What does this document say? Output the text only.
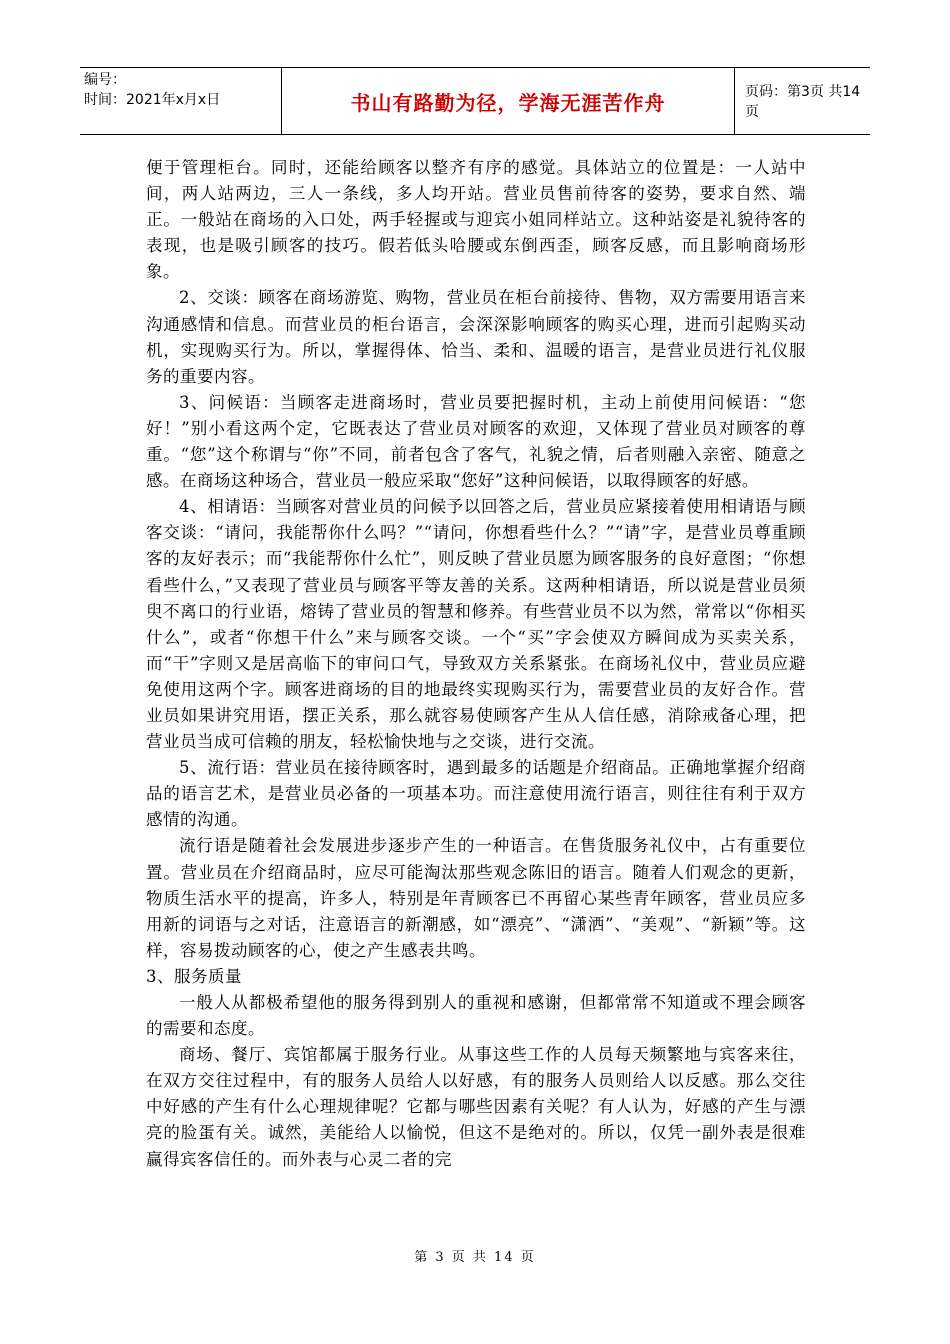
编号：
时间：2021年x月x日	书山有路勤为径，学海无涯苦作舟	页码：第3页 共14页

便于管理柜台。同时，还能给顾客以整齐有序的感觉。具体站立的位置是：一人站中间，两人站两边，三人一条线，多人均开站。营业员售前待客的姿势，要求自然、端正。一般站在商场的入口处，两手轻握或与迎宾小姐同样站立。这种站姿是礼貌待客的表现，也是吸引顾客的技巧。假若低头哈腰或东倒西歪，顾客反感，而且影响商场形象。

2、交谈：顾客在商场游览、购物，营业员在柜台前接待、售物，双方需要用语言来沟通感情和信息。而营业员的柜台语言，会深深影响顾客的购买心理，进而引起购买动机，实现购买行为。所以，掌握得体、恰当、柔和、温暖的语言，是营业员进行礼仪服务的重要内容。

3、问候语：当顾客走进商场时，营业员要把握时机，主动上前使用问候语：“您好！”别小看这两个定，它既表达了营业员对顾客的欢迎，又体现了营业员对顾客的尊重。“您”这个称谓与“你”不同，前者包含了客气，礼貌之情，后者则融入亲密、随意之感。在商场这种场合，营业员一般应采取“您好”这种问候语，以取得顾客的好感。

4、相请语：当顾客对营业员的问候予以回答之后，营业员应紧接着使用相请语与顾客交谈：“请问，我能帮你什么吗？”“请问，你想看些什么？”“请”字，是营业员尊重顾客的友好表示；而“我能帮你什么忙”，则反映了营业员愿为顾客服务的良好意图；“你想看些什么，”又表现了营业员与顾客平等友善的关系。这两种相请语，所以说是营业员须臾不离口的行业语，熔铸了营业员的智慧和修养。有些营业员不以为然，常常以“你相买什么”，或者“你想干什么”来与顾客交谈。一个“买”字会使双方瞬间成为买卖关系，而“干”字则又是居高临下的审问口气，导致双方关系紧张。在商场礼仪中，营业员应避免使用这两个字。顾客进商场的目的地最终实现购买行为，需要营业员的友好合作。营业员如果讲究用语，摆正关系，那么就容易使顾客产生从人信任感，消除戒备心理，把营业员当成可信赖的朋友，轻松愉快地与之交谈，进行交流。

5、流行语：营业员在接待顾客时，遇到最多的话题是介绍商品。正确地掌握介绍商品的语言艺术，是营业员必备的一项基本功。而注意使用流行语言，则往往有利于双方感情的沟通。

流行语是随着社会发展进步逐步产生的一种语言。在售货服务礼仪中，占有重要位置。营业员在介绍商品时，应尽可能淘汰那些观念陈旧的语言。随着人们观念的更新，物质生活水平的提高，许多人，特别是年青顾客已不再留心某些青年顾客，营业员应多用新的词语与之对话，注意语言的新潮感，如“漂亮”、“潇洒”、“美观”、“新颖”等。这样，容易拨动顾客的心，使之产生感表共鸣。

3、服务质量

一般人从都极希望他的服务得到别人的重视和感谢，但都常常不知道或不理会顾客的需要和态度。

商场、餐厅、宾馆都属于服务行业。从事这些工作的人员每天频繁地与宾客来往，在双方交往过程中，有的服务人员给人以好感，有的服务人员则给人以反感。那么交往中好感的产生有什么心理规律呢？它都与哪些因素有关呢？有人认为，好感的产生与漂亮的脸蛋有关。诚然，美能给人以愉悦，但这不是绝对的。所以，仅凭一副外表是很难赢得宾客信任的。而外表与心灵二者的完

第 3 页 共 14 页
